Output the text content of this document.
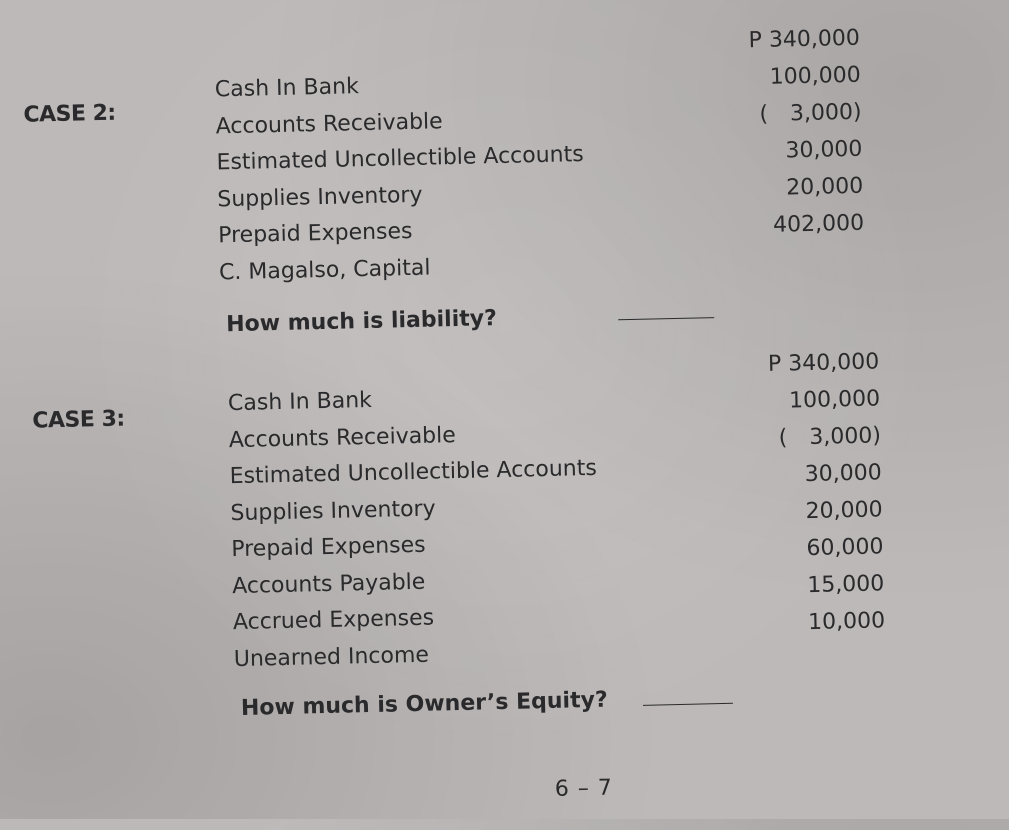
CASE 2:
Cash In Bank
Accounts Receivable
Estimated Uncollectible Accounts
Supplies Inventory
Prepaid Expenses
C. Magalso, Capital
P 340,000
100,000
( 3,000)
30,000
20,000
402,000
How much is liability?
CASE 3:
Cash In Bank
Accounts Receivable
Estimated Uncollectible Accounts
Supplies Inventory
Prepaid Expenses
Accounts Payable
Accrued Expenses
Unearned Income
P 340,000
100,000
( 3,000)
30,000
20,000
60,000
15,000
10,000
How much is Owner’s Equity?
6 – 7
